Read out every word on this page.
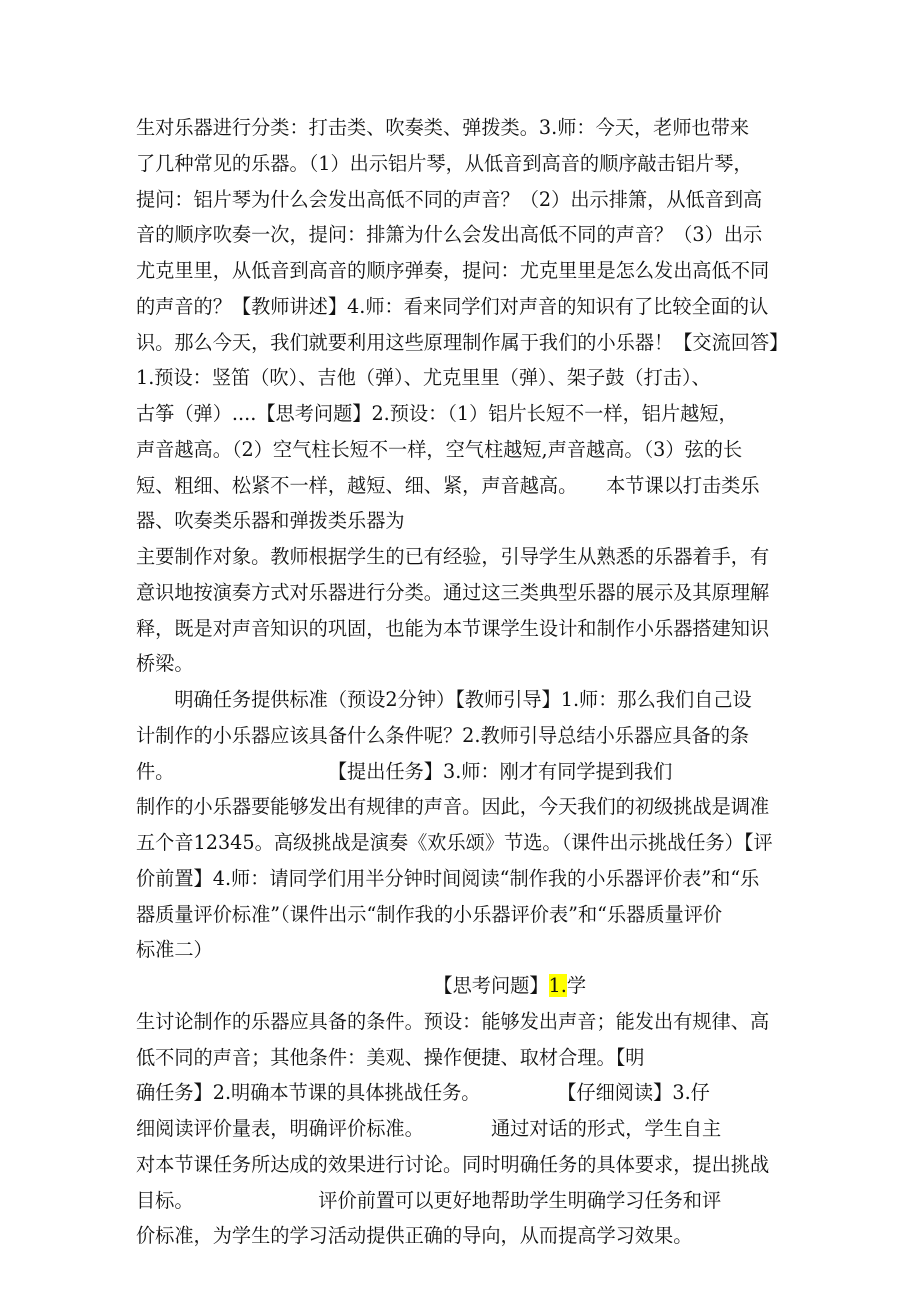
生对乐器进行分类：打击类、吹奏类、弹拨类。3.师：今天，老师也带来
了几种常见的乐器。（1）出示铝片琴，从低音到高音的顺序敲击铝片琴，
提问：铝片琴为什么会发出高低不同的声音？（2）出示排箫，从低音到高
音的顺序吹奏一次，提问：排箫为什么会发出高低不同的声音？（3）出示
尤克里里，从低音到高音的顺序弹奏，提问：尤克里里是怎么发出高低不同
的声音的？【教师讲述】4.师：看来同学们对声音的知识有了比较全面的认
识。那么今天，我们就要利用这些原理制作属于我们的小乐器！【交流回答】
1.预设：竖笛（吹）、吉他（弹）、尤克里里（弹）、架子鼓（打击）、
古筝（弹）....【思考问题】2.预设：（1）铝片长短不一样，铝片越短，
声音越高。（2）空气柱长短不一样，空气柱越短,声音越高。（3）弦的长
短、粗细、松紧不一样，越短、细、紧，声音越高。　　本节课以打击类乐
器、吹奏类乐器和弹拨类乐器为
主要制作对象。教师根据学生的已有经验，引导学生从熟悉的乐器着手，有
意识地按演奏方式对乐器进行分类。通过这三类典型乐器的展示及其原理解
释，既是对声音知识的巩固，也能为本节课学生设计和制作小乐器搭建知识
桥梁。
　　明确任务提供标准（预设2分钟）【教师引导】1.师：那么我们自己设
计制作的小乐器应该具备什么条件呢？2.教师引导总结小乐器应具备的条
件。　　　　　　　　　【提出任务】3.师：刚才有同学提到我们
制作的小乐器要能够发出有规律的声音。因此，今天我们的初级挑战是调准
五个音12345。高级挑战是演奏《欢乐颂》节选。（课件出示挑战任务）【评
价前置】4.师：请同学们用半分钟时间阅读“制作我的小乐器评价表”和“乐
器质量评价标准”（课件出示“制作我的小乐器评价表”和“乐器质量评价
标准二）
　　　　　　　　　　　　　　　　【思考问题】1.学
生讨论制作的乐器应具备的条件。预设：能够发出声音；能发出有规律、高
低不同的声音；其他条件：美观、操作便捷、取材合理。【明
确任务】2.明确本节课的具体挑战任务。　　　　　【仔细阅读】3.仔
细阅读评价量表，明确评价标准。　　　　通过对话的形式，学生自主
对本节课任务所达成的效果进行讨论。同时明确任务的具体要求，提出挑战
目标。　　　　　　　评价前置可以更好地帮助学生明确学习任务和评
价标准，为学生的学习活动提供正确的导向，从而提高学习效果。
